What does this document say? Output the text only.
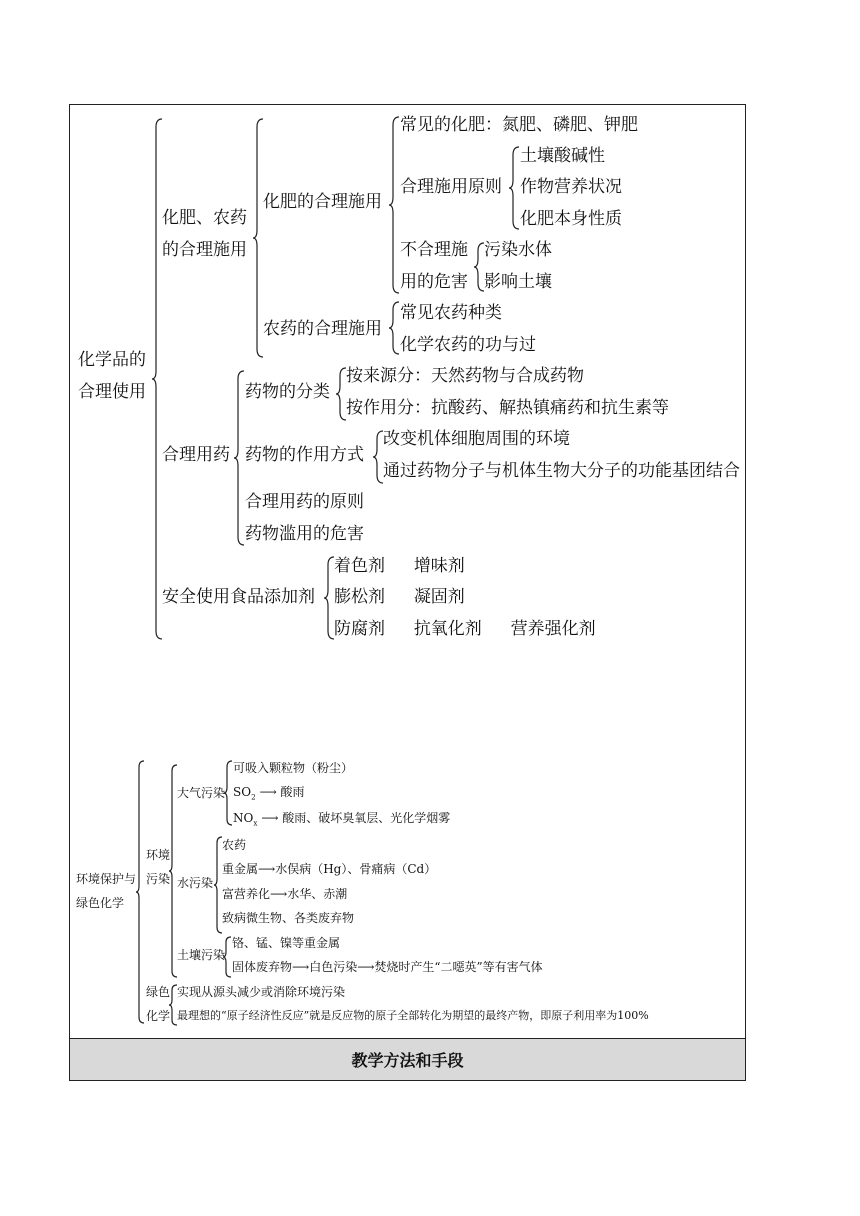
化学品的
合理使用
化肥、农药
的合理施用
化肥的合理施用
常见的化肥：氮肥、磷肥、钾肥
合理施用原则
土壤酸碱性
作物营养状况
化肥本身性质
不合理施
用的危害
污染水体
影响土壤
农药的合理施用
常见农药种类
化学农药的功与过
合理用药
药物的分类
按来源分：天然药物与合成药物
按作用分：抗酸药、解热镇痛药和抗生素等
药物的作用方式
改变机体细胞周围的环境
通过药物分子与机体生物大分子的功能基团结合
合理用药的原则
药物滥用的危害
安全使用食品添加剂
着色剂 增味剂
膨松剂 凝固剂
防腐剂 抗氧化剂 营养强化剂
环境保护与
绿色化学
环境
污染
大气污染
可吸入颗粒物（粉尘）
$SO_2$ ⟶ 酸雨
$NO_x$ ⟶ 酸雨、破坏臭氧层、光化学烟雾
水污染
农药
重金属⟶水俣病（Hg）、骨痛病（Cd）
富营养化⟶水华、赤潮
致病微生物、各类废弃物
土壤污染
铬、锰、镍等重金属
固体废弃物⟶白色污染⟶焚烧时产生“二噁英”等有害气体
绿色
化学
实现从源头减少或消除环境污染
最理想的“原子经济性反应”就是反应物的原子全部转化为期望的最终产物，即原子利用率为100%
教学方法和手段
